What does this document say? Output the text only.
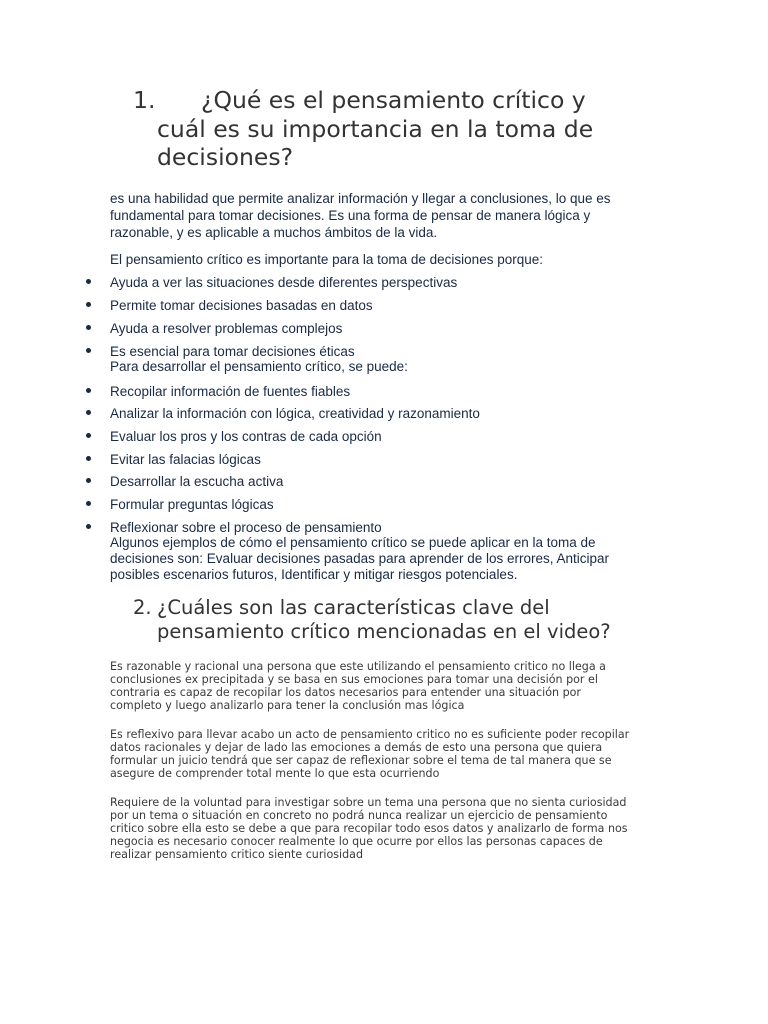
1. ¿Qué es el pensamiento crítico y
cuál es su importancia en la toma de
decisiones?
es una habilidad que permite analizar información y llegar a conclusiones, lo que es
fundamental para tomar decisiones. Es una forma de pensar de manera lógica y
razonable, y es aplicable a muchos ámbitos de la vida.
El pensamiento crítico es importante para la toma de decisiones porque:
Ayuda a ver las situaciones desde diferentes perspectivas
Permite tomar decisiones basadas en datos
Ayuda a resolver problemas complejos
Es esencial para tomar decisiones éticas
Para desarrollar el pensamiento crítico, se puede:
Recopilar información de fuentes fiables
Analizar la información con lógica, creatividad y razonamiento
Evaluar los pros y los contras de cada opción
Evitar las falacias lógicas
Desarrollar la escucha activa
Formular preguntas lógicas
Reflexionar sobre el proceso de pensamiento
Algunos ejemplos de cómo el pensamiento crítico se puede aplicar en la toma de
decisiones son: Evaluar decisiones pasadas para aprender de los errores, Anticipar
posibles escenarios futuros, Identificar y mitigar riesgos potenciales.
2. ¿Cuáles son las características clave del
pensamiento crítico mencionadas en el video?
Es razonable y racional una persona que este utilizando el pensamiento critico no llega a
conclusiones ex precipitada y se basa en sus emociones para tomar una decisión por el
contraria es capaz de recopilar los datos necesarios para entender una situación por
completo y luego analizarlo para tener la conclusión mas lógica
Es reflexivo para llevar acabo un acto de pensamiento critico no es suficiente poder recopilar
datos racionales y dejar de lado las emociones a demás de esto una persona que quiera
formular un juicio tendrá que ser capaz de reflexionar sobre el tema de tal manera que se
asegure de comprender total mente lo que esta ocurriendo
Requiere de la voluntad para investigar sobre un tema una persona que no sienta curiosidad
por un tema o situación en concreto no podrá nunca realizar un ejercicio de pensamiento
critico sobre ella esto se debe a que para recopilar todo esos datos y analizarlo de forma nos
negocia es necesario conocer realmente lo que ocurre por ellos las personas capaces de
realizar pensamiento critico siente curiosidad
